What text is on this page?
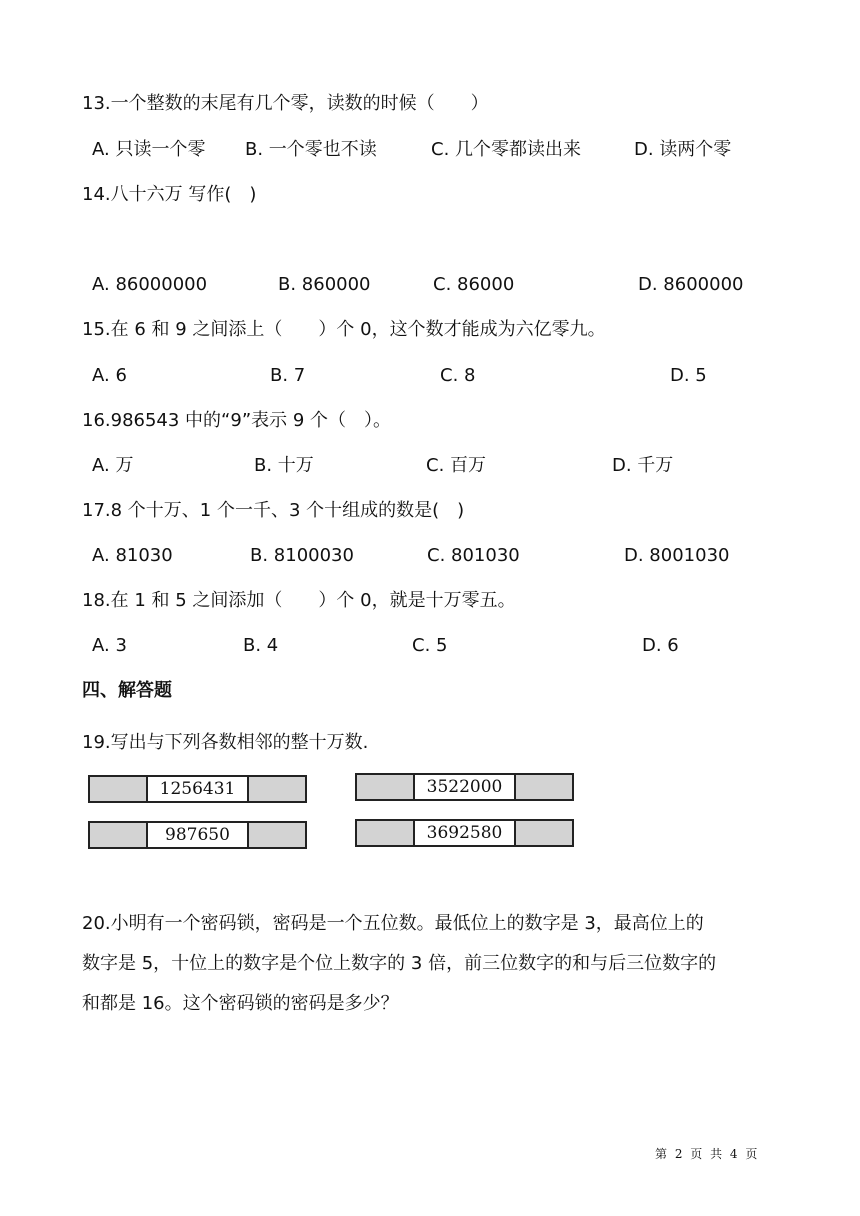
13.一个整数的末尾有几个零，读数的时候（　　）
A. 只读一个零 B. 一个零也不读	C. 几个零都读出来	D. 读两个零
14.八十六万 写作(　)
A. 86000000	B. 860000	C. 86000	D. 8600000
15.在 6 和 9 之间添上（　　）个 0，这个数才能成为六亿零九。
A. 6	B. 7	C. 8	D. 5
16.986543 中的“9”表示 9 个（　）。
A. 万	B. 十万	C. 百万	D. 千万
17.8 个十万、1 个一千、3 个十组成的数是(　)
A. 81030	B. 8100030	C. 801030	D. 8001030
18.在 1 和 5 之间添加（　　）个 0，就是十万零五。
A. 3	B. 4	C. 5	D. 6
四、解答题
19.写出与下列各数相邻的整十万数.
1256431	3522000
987650	3692580
20.小明有一个密码锁，密码是一个五位数。最低位上的数字是 3，最高位上的
数字是 5，十位上的数字是个位上数字的 3 倍，前三位数字的和与后三位数字的
和都是 16。这个密码锁的密码是多少？
第 2 页 共 4 页
